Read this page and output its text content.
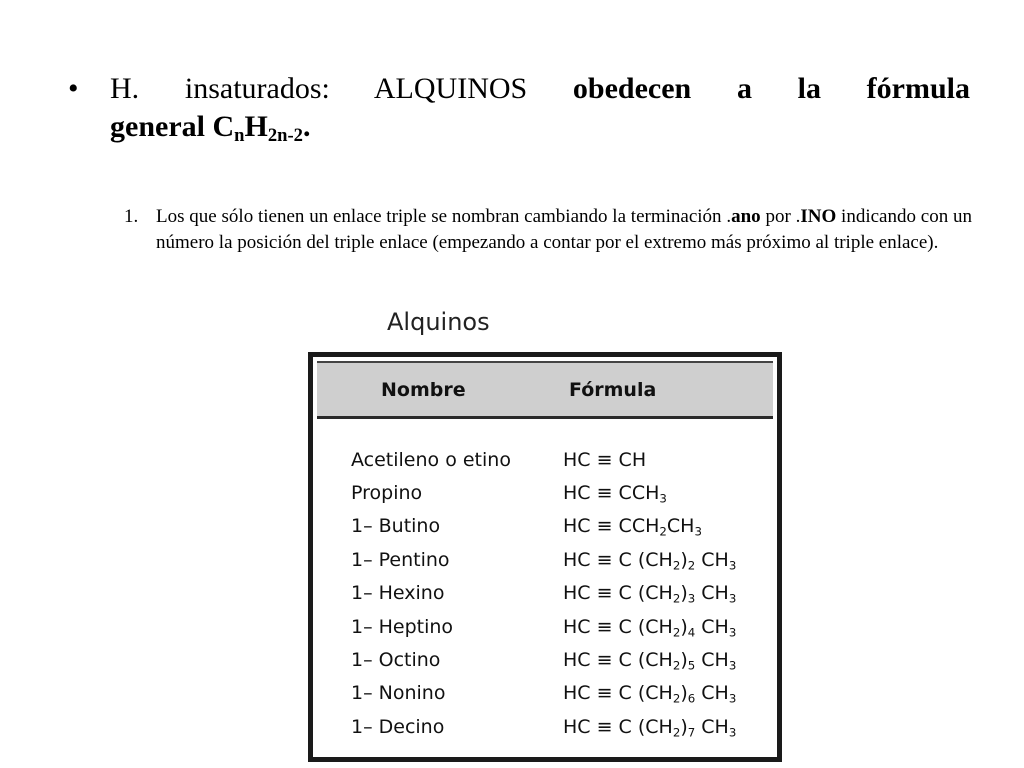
•	H. insaturados: ALQUINOS obedecen a la fórmula
general $C_nH_{2n-2}$.
1. Los que sólo tienen un enlace triple se nombran cambiando la terminación .ano por .INO indicando con un número la posición del triple enlace (empezando a contar por el extremo más próximo al triple enlace).
Alquinos
Nombre	Fórmula
Acetileno o etino	HC ≡ CH
Propino	HC ≡ $CCH_3$
1– Butino	HC ≡ $CCH_2CH_3$
1– Pentino	HC ≡ C $(CH_2)_2$ $CH_3$
1– Hexino	HC ≡ C $(CH_2)_3$ $CH_3$
1– Heptino	HC ≡ C $(CH_2)_4$ $CH_3$
1– Octino	HC ≡ C $(CH_2)_5$ $CH_3$
1– Nonino	HC ≡ C $(CH_2)_6$ $CH_3$
1– Decino	HC ≡ C $(CH_2)_7$ $CH_3$
